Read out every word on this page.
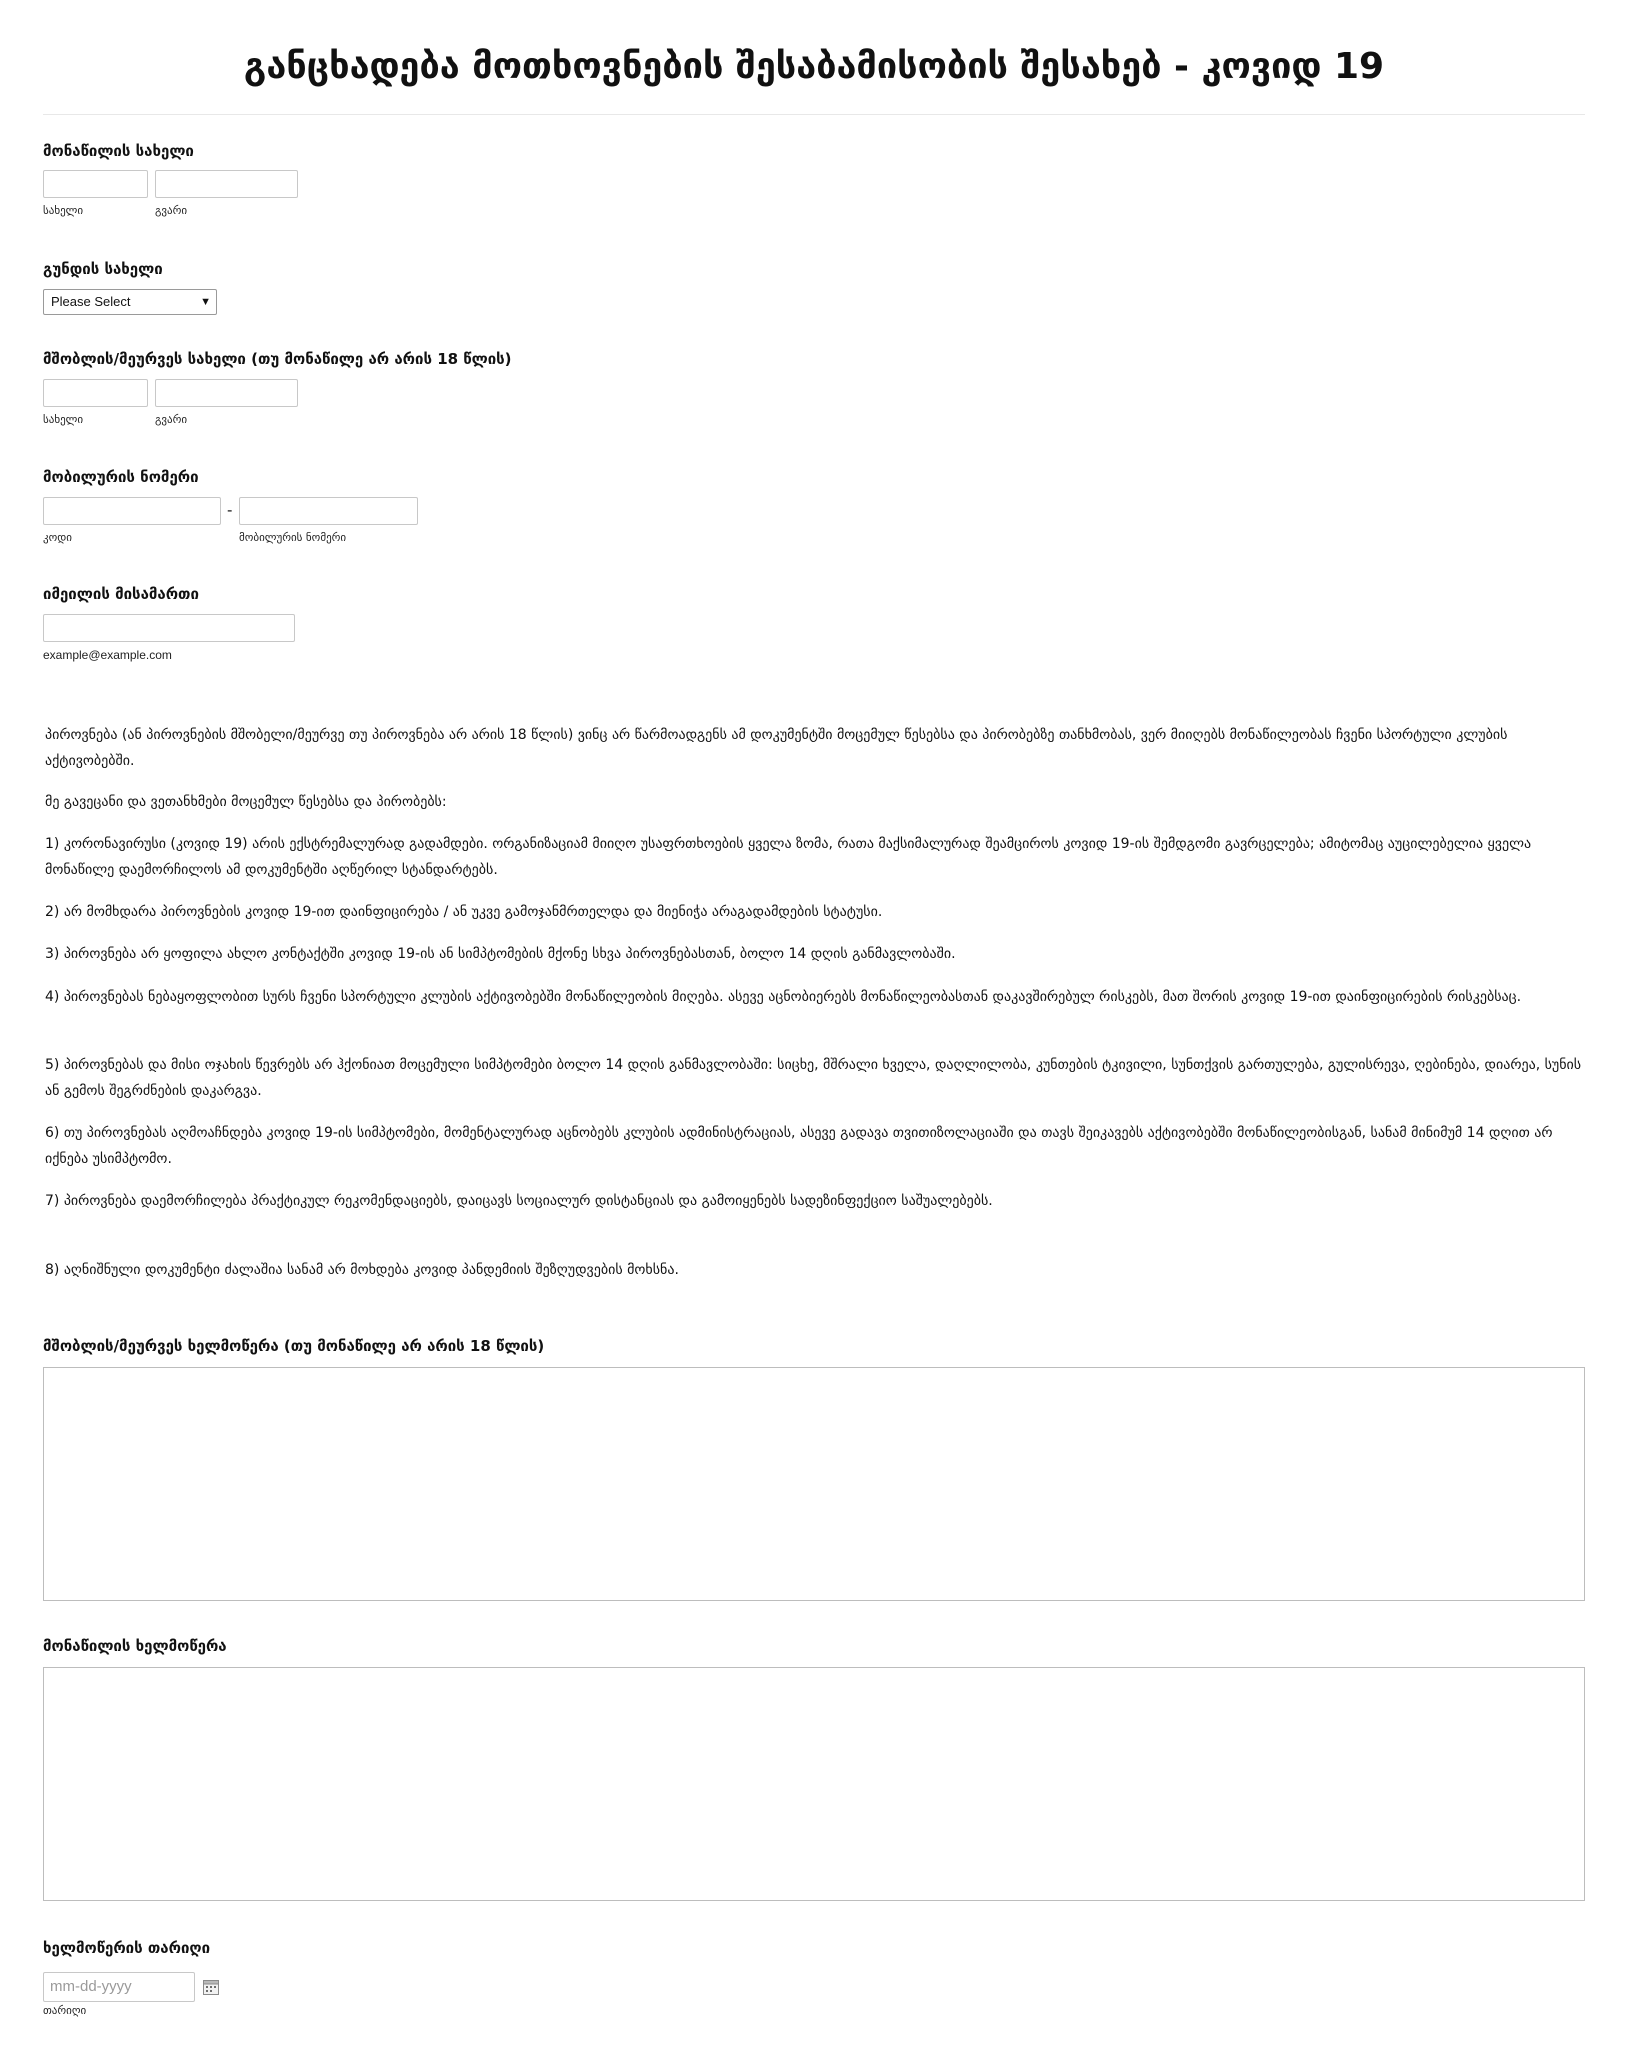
განცხადება მოთხოვნების შესაბამისობის შესახებ - კოვიდ 19
მონაწილის სახელი
სახელი	გვარი
გუნდის სახელი
Please Select	▼
მშობლის/მეურვეს სახელი (თუ მონაწილე არ არის 18 წლის)
სახელი	გვარი
მობილურის ნომერი
-
კოდი	მობილურის ნომერი
იმეილის მისამართი
example@example.com
პიროვნება (ან პიროვნების მშობელი/მეურვე თუ პიროვნება არ არის 18 წლის) ვინც არ წარმოადგენს ამ დოკუმენტში მოცემულ წესებსა და პირობებზე თანხმობას, ვერ მიიღებს მონაწილეობას ჩვენი სპორტული კლუბის აქტივობებში.
მე გავეცანი და ვეთანხმები მოცემულ წესებსა და პირობებს:
1) კორონავირუსი (კოვიდ 19) არის ექსტრემალურად გადამდები. ორგანიზაციამ მიიღო უსაფრთხოების ყველა ზომა, რათა მაქსიმალურად შეამციროს კოვიდ 19-ის შემდგომი გავრცელება; ამიტომაც აუცილებელია ყველა მონაწილე დაემორჩილოს ამ დოკუმენტში აღწერილ სტანდარტებს.
2) არ მომხდარა პიროვნების კოვიდ 19-ით დაინფიცირება / ან უკვე გამოჯანმრთელდა და მიენიჭა არაგადამდების სტატუსი.
3) პიროვნება არ ყოფილა ახლო კონტაქტში კოვიდ 19-ის ან სიმპტომების მქონე სხვა პიროვნებასთან, ბოლო 14 დღის განმავლობაში.
4) პიროვნებას ნებაყოფლობით სურს ჩვენი სპორტული კლუბის აქტივობებში მონაწილეობის მიღება. ასევე აცნობიერებს მონაწილეობასთან დაკავშირებულ რისკებს, მათ შორის კოვიდ 19-ით დაინფიცირების რისკებსაც.
5) პიროვნებას და მისი ოჯახის წევრებს არ ჰქონიათ მოცემული სიმპტომები ბოლო 14 დღის განმავლობაში: სიცხე, მშრალი ხველა, დაღლილობა, კუნთების ტკივილი, სუნთქვის გართულება, გულისრევა, ღებინება, დიარეა, სუნის ან გემოს შეგრძნების დაკარგვა.
6) თუ პიროვნებას აღმოაჩნდება კოვიდ 19-ის სიმპტომები, მომენტალურად აცნობებს კლუბის ადმინისტრაციას, ასევე გადავა თვითიზოლაციაში და თავს შეიკავებს აქტივობებში მონაწილეობისგან, სანამ მინიმუმ 14 დღით არ იქნება უსიმპტომო.
7) პიროვნება დაემორჩილება პრაქტიკულ რეკომენდაციებს, დაიცავს სოციალურ დისტანციას და გამოიყენებს სადეზინფექციო საშუალებებს.
8) აღნიშნული დოკუმენტი ძალაშია სანამ არ მოხდება კოვიდ პანდემიის შეზღუდვების მოხსნა.
მშობლის/მეურვეს ხელმოწერა (თუ მონაწილე არ არის 18 წლის)
მონაწილის ხელმოწერა
ხელმოწერის თარიღი
mm-dd-yyyy
თარიღი
